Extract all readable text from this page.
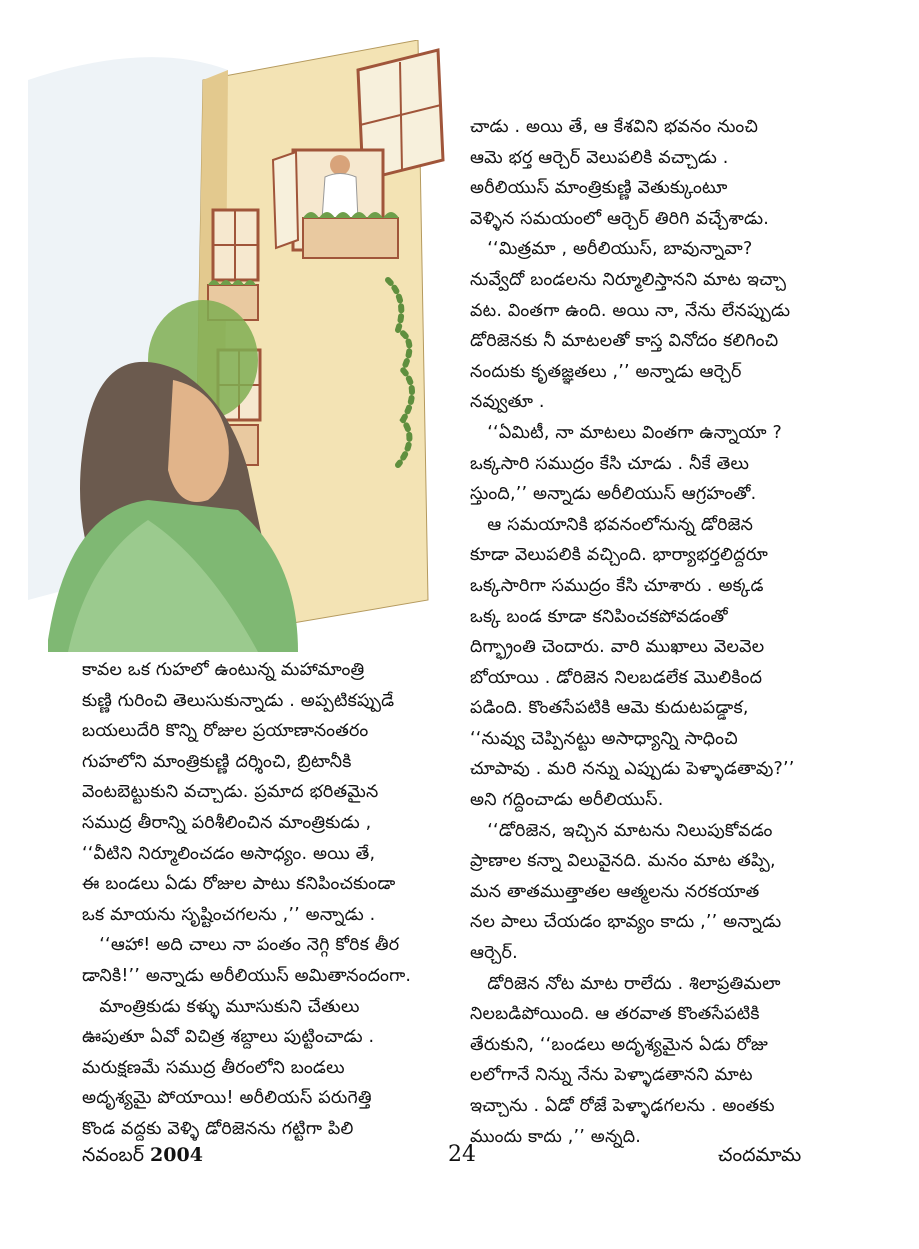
చాడు . అయి తే, ఆ కేశవిని భవనం నుంచి

ఆమె భర్త ఆర్చెర్ వెలుపలికి వచ్చాడు .

అరీలియుస్ మాంత్రికుణ్ణి వెతుక్కుంటూ

వెళ్ళిన సమయంలో ఆర్చెర్ తిరిగి వచ్చేశాడు.

‘‘మిత్రమా , అరీలియుస్, బావున్నావా?

నువ్వేదో బండలను నిర్మూలిస్తానని మాట ఇచ్చా

వట. వింతగా ఉంది. అయి నా, నేను లేనప్పుడు

డోరిజెనకు నీ మాటలతో కాస్త వినోదం కలిగించి

నందుకు కృతజ్ఞతలు ,’’ అన్నాడు ఆర్చెర్

నవ్వుతూ .

‘‘ఏమిటీ, నా మాటలు వింతగా ఉన్నాయా ?

ఒక్కసారి సముద్రం కేసి చూడు . నీకే తెలు

స్తుంది,’’ అన్నాడు అరీలియుస్ ఆగ్రహంతో.

ఆ సమయానికి భవనంలోనున్న డోరిజెన

కూడా వెలుపలికి వచ్చింది. భార్యాభర్తలిద్దరూ

ఒక్కసారిగా సముద్రం కేసి చూశారు . అక్కడ

ఒక్క బండ కూడా కనిపించకపోవడంతో

దిగ్భ్రాంతి చెందారు. వారి ముఖాలు వెలవెల

బోయాయి . డోరిజెన నిలబడలేక మొలికింద

పడింది. కొంతసేపటికి ఆమె కుదుటపడ్డాక,

‘‘నువ్వు చెప్పినట్టు అసాధ్యాన్ని సాధించి

చూపావు . మరి నన్ను ఎప్పుడు పెళ్ళాడతావు?’’

అని గద్దించాడు అరీలియుస్.

‘‘డోరిజెన, ఇచ్చిన మాటను నిలుపుకోవడం

ప్రాణాల కన్నా విలువైనది. మనం మాట తప్పి,

మన తాతముత్తాతల ఆత్మలను నరకయాత

నల పాలు చేయడం భావ్యం కాదు ,’’ అన్నాడు

ఆర్చెర్.

డోరిజెన నోట మాట రాలేదు . శిలాప్రతిమలా

నిలబడిపోయింది. ఆ తరవాత కొంతసేపటికి

తేరుకుని, ‘‘బండలు అదృశ్యమైన ఏడు రోజు

లలోగానే నిన్ను నేను పెళ్ళాడతానని మాట

ఇచ్చాను . ఏడో రోజే పెళ్ళాడగలను . అంతకు

ముందు కాదు ,’’ అన్నది.

కావల ఒక గుహలో ఉంటున్న మహామాంత్రి

కుణ్ణి గురించి తెలుసుకున్నాడు . అప్పటికప్పుడే

బయలుదేరి కొన్ని రోజుల ప్రయాణానంతరం

గుహలోని మాంత్రికుణ్ణి దర్శించి, బ్రిటానీకి

వెంటబెట్టుకుని వచ్చాడు. ప్రమాద భరితమైన

సముద్ర తీరాన్ని పరిశీలించిన మాంత్రికుడు ,

‘‘వీటిని నిర్మూలించడం అసాధ్యం. అయి తే,

ఈ బండలు ఏడు రోజుల పాటు కనిపించకుండా

ఒక మాయను సృష్టించగలను ,’’ అన్నాడు .

‘‘ఆహా! అది చాలు నా పంతం నెగ్గి కోరిక తీర

డానికి!’’ అన్నాడు అరీలియుస్ అమితానందంగా.

మాంత్రికుడు కళ్ళు మూసుకుని చేతులు

ఊపుతూ ఏవో విచిత్ర శబ్దాలు పుట్టించాడు .

మరుక్షణమే సముద్ర తీరంలోని బండలు

అదృశ్యమై పోయాయి! అరీలియస్ పరుగెత్తి

కొండ వద్దకు వెళ్ళి డోరిజెనను గట్టిగా పిలి

నవంబర్ 2004	24	చందమామ
